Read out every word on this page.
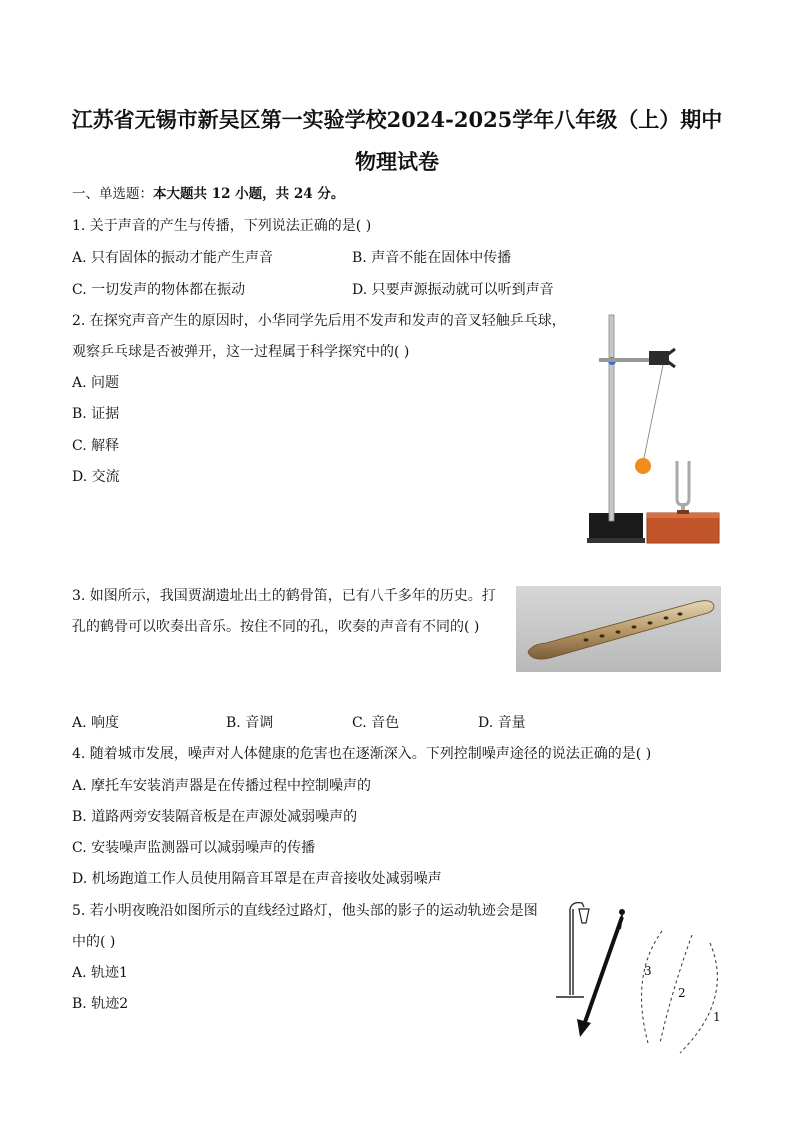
江苏省无锡市新吴区第一实验学校2024-2025学年八年级（上）期中
物理试卷
一、单选题：本大题共 12 小题，共 24 分。
1. 关于声音的产生与传播，下列说法正确的是( )
A. 只有固体的振动才能产生声音	B. 声音不能在固体中传播
C. 一切发声的物体都在振动	D. 只要声源振动就可以听到声音
2. 在探究声音产生的原因时，小华同学先后用不发声和发声的音叉轻触乒乓球，
观察乒乓球是否被弹开，这一过程属于科学探究中的( )
A. 问题
B. 证据
C. 解释
D. 交流
3. 如图所示，我国贾湖遗址出土的鹤骨笛，已有八千多年的历史。打
孔的鹤骨可以吹奏出音乐。按住不同的孔，吹奏的声音有不同的( )
A. 响度	B. 音调	C. 音色	D. 音量
4. 随着城市发展，噪声对人体健康的危害也在逐渐深入。下列控制噪声途径的说法正确的是( )
A. 摩托车安装消声器是在传播过程中控制噪声的
B. 道路两旁安装隔音板是在声源处减弱噪声的
C. 安装噪声监测器可以减弱噪声的传播
D. 机场跑道工作人员使用隔音耳罩是在声音接收处减弱噪声
5. 若小明夜晚沿如图所示的直线经过路灯，他头部的影子的运动轨迹会是图
中的( )
A. 轨迹1
B. 轨迹2
3
2
1
